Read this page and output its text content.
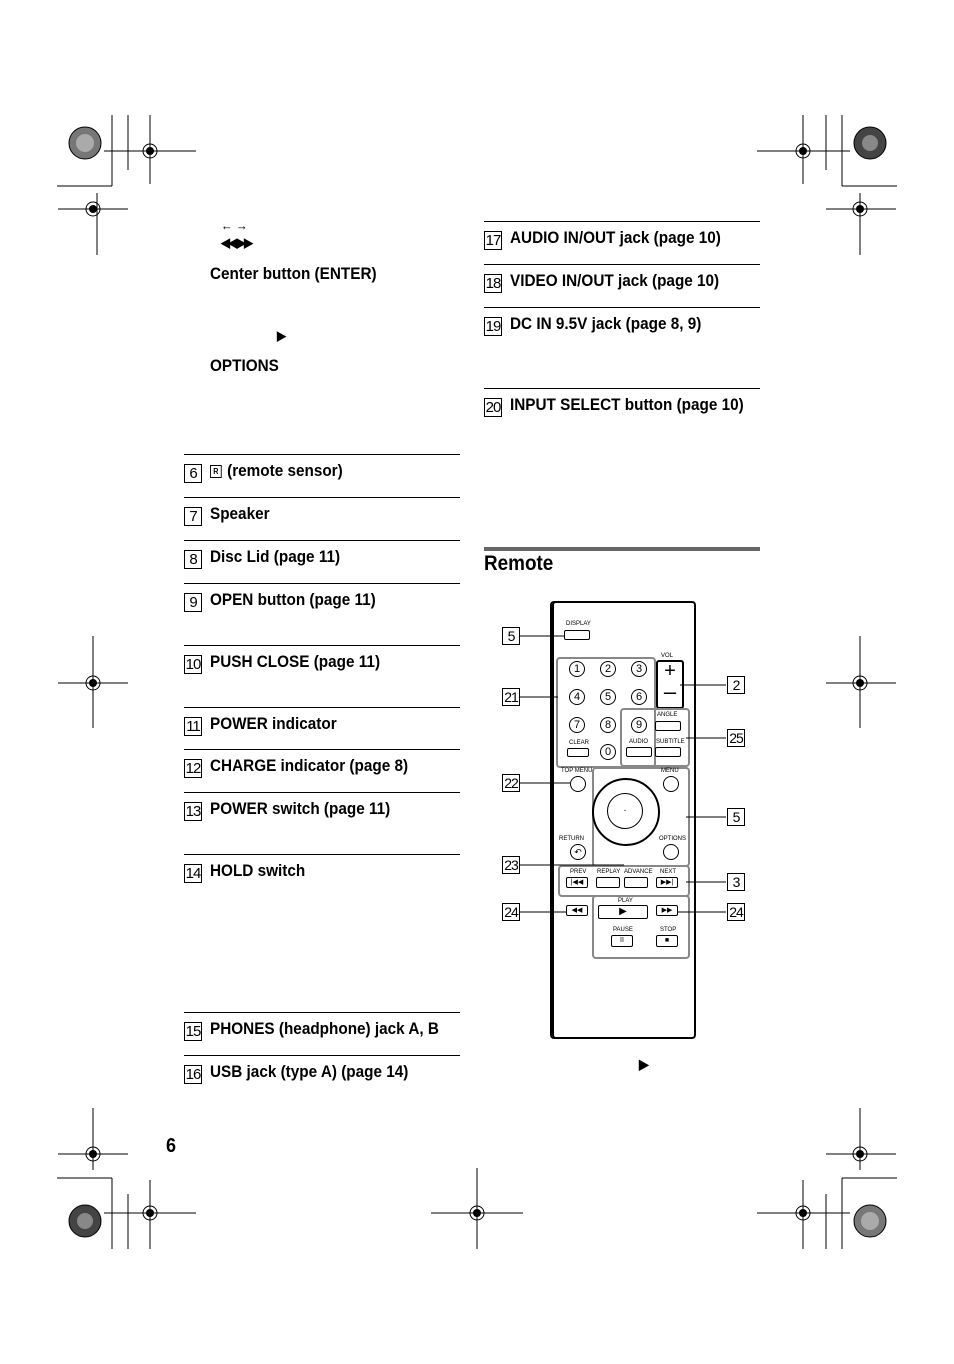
← →
◀◀ ▶▶
Center button (ENTER)
▶
OPTIONS
6	R (remote sensor)
7 Speaker
8 Disc Lid (page 11)
9 OPEN button (page 11)
10 PUSH CLOSE (page 11)
11 POWER indicator
12 CHARGE indicator (page 8)
13 POWER switch (page 11)
14 HOLD switch
15 PHONES (headphone) jack A, B
16 USB jack (type A) (page 14)
17 AUDIO IN/OUT jack (page 10)
18 VIDEO IN/OUT jack (page 10)
19 DC IN 9.5V jack (page 8, 9)
20 INPUT SELECT button (page 10)
Remote
DISPLAY
1	2	3
4	5	6
7	8	9
CLEAR
0
VOL
+
–
ANGLE
AUDIO SUBTITLE
TOP MENU	MENU
·
RETURN
↶
OPTIONS
PREV
|◀◀
REPLAY ADVANCE NEXT
▶▶|
◀◀
PLAY
▶	▶▶
PAUSE
II
STOP
■
5
21
22
23
24
2
25
5
3
24
▶
6
